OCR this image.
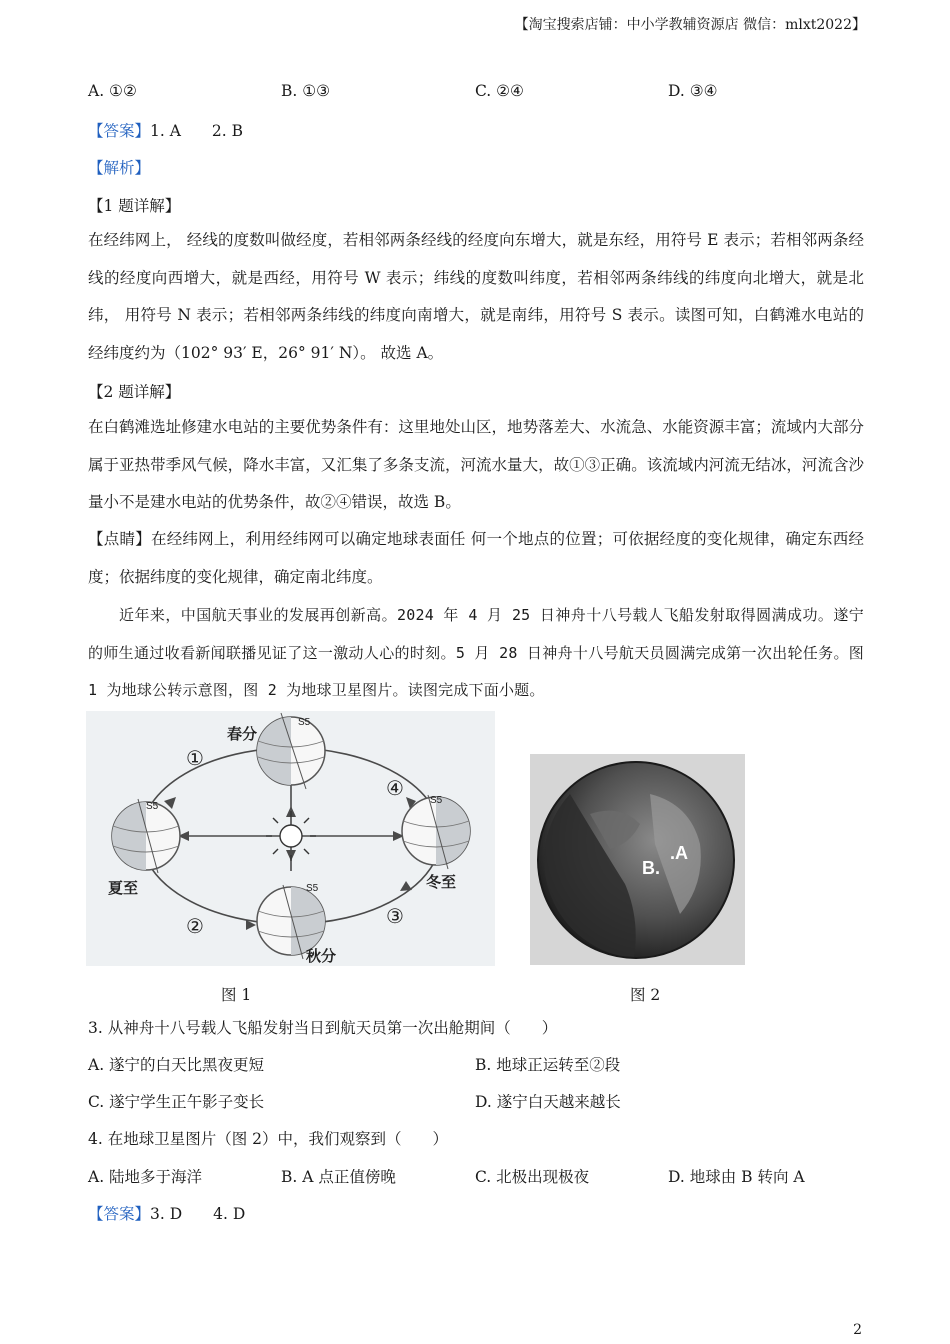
【淘宝搜索店铺：中小学教辅资源店 微信：mlxt2022】
A. ①②	B. ①③	C. ②④	D. ③④
【答案】1. A　　2. B
【解析】
【1 题详解】
在经纬网上， 经线的度数叫做经度，若相邻两条经线的经度向东增大，就是东经，用符号 E 表示；若相邻两条经线的经度向西增大，就是西经，用符号 W 表示；纬线的度数叫纬度，若相邻两条纬线的纬度向北增大，就是北纬， 用符号 N 表示；若相邻两条纬线的纬度向南增大，就是南纬，用符号 S 表示。读图可知，白鹤滩水电站的经纬度约为（102° 93′ E，26° 91′ N）。 故选 A。
【2 题详解】
在白鹤滩选址修建水电站的主要优势条件有：这里地处山区，地势落差大、水流急、水能资源丰富；流域内大部分属于亚热带季风气候，降水丰富，又汇集了多条支流，河流水量大，故①③正确。该流域内河流无结冰，河流含沙量小不是建水电站的优势条件，故②④错误，故选 B。
【点睛】在经纬网上，利用经纬网可以确定地球表面任 何一个地点的位置；可依据经度的变化规律，确定东西经度；依据纬度的变化规律，确定南北纬度。
近年来，中国航天事业的发展再创新高。2024 年 4 月 25 日神舟十八号载人飞船发射取得圆满成功。遂宁的师生通过收看新闻联播见证了这一激动人心的时刻。5 月 28 日神舟十八号航天员圆满完成第一次出轮任务。图 1 为地球公转示意图，图 2 为地球卫星图片。读图完成下面小题。
春分
夏至
秋分
冬至
①
④
②	③
S5
S5
S5
S5
.A
B.
图 1	图 2
3. 从神舟十八号载人飞船发射当日到航天员第一次出舱期间（　　）
A. 遂宁的白天比黑夜更短	B. 地球正运转至②段
C. 遂宁学生正午影子变长	D. 遂宁白天越来越长
4. 在地球卫星图片（图 2）中，我们观察到（　　）
A. 陆地多于海洋	B. A 点正值傍晚	C. 北极出现极夜	D. 地球由 B 转向 A
【答案】3. D　　4. D
2
